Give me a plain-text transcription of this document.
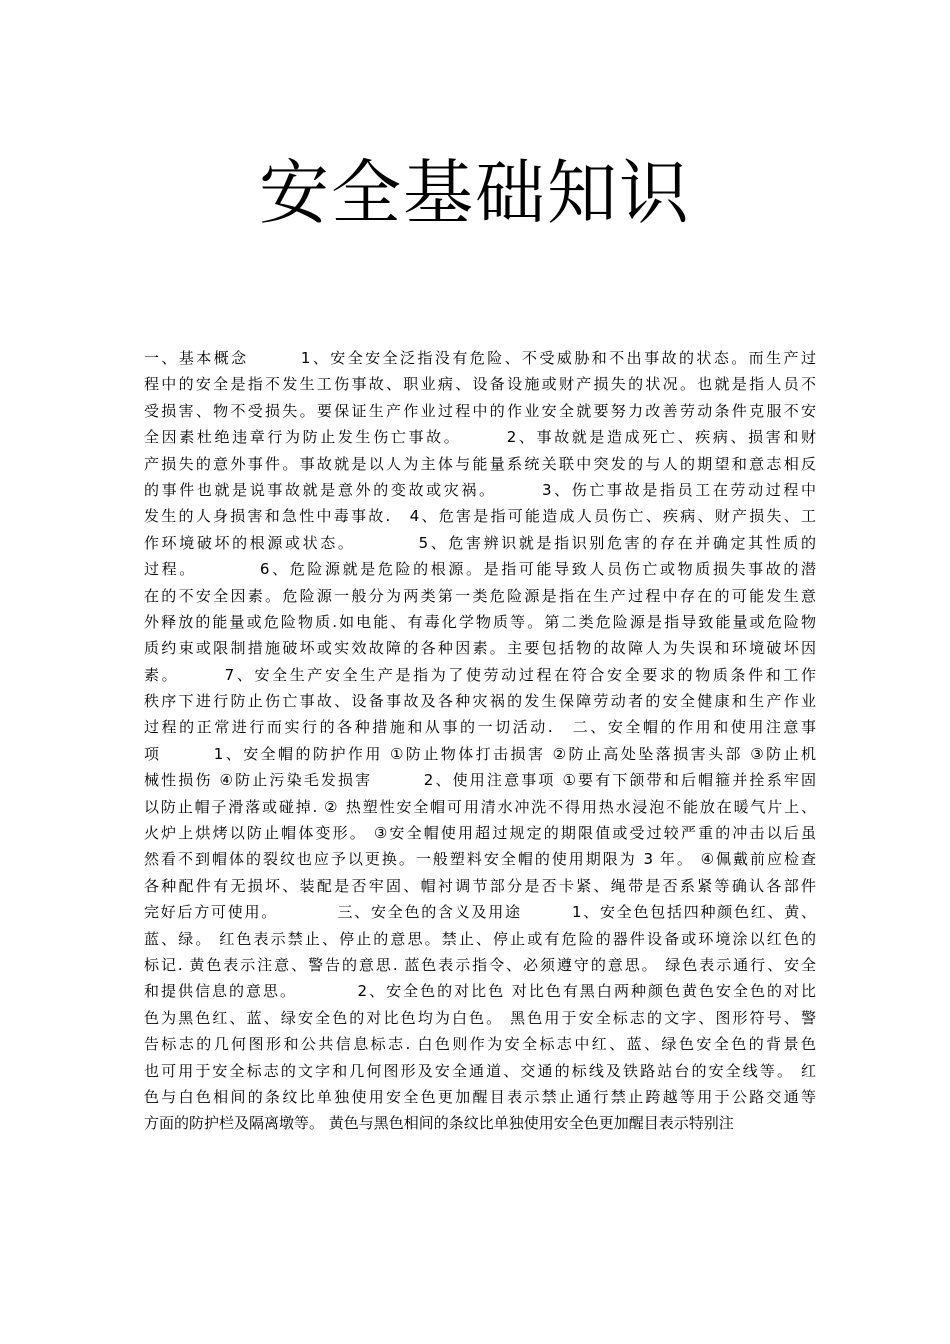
安全基础知识
一、基本概念　　　1、安全安全泛指没有危险、不受威胁和不出事故的状态。而生产过
程中的安全是指不发生工伤事故、职业病、设备设施或财产损失的状况。也就是指人员不
受损害、物不受损失。要保证生产作业过程中的作业安全就要努力改善劳动条件克服不安
全因素杜绝违章行为防止发生伤亡事故。　　　2、事故就是造成死亡、疾病、损害和财
产损失的意外事件。事故就是以人为主体与能量系统关联中突发的与人的期望和意志相反
的事件也就是说事故就是意外的变故或灾祸。　　　3、伤亡事故是指员工在劳动过程中
发生的人身损害和急性中毒事故.　4、危害是指可能造成人员伤亡、疾病、财产损失、工
作环境破坏的根源或状态。　　　　5、危害辨识就是指识别危害的存在并确定其性质的
过程。　　　　6、危险源就是危险的根源。是指可能导致人员伤亡或物质损失事故的潜
在的不安全因素。危险源一般分为两类第一类危险源是指在生产过程中存在的可能发生意
外释放的能量或危险物质.如电能、有毒化学物质等。第二类危险源是指导致能量或危险物
质约束或限制措施破坏或实效故障的各种因素。主要包括物的故障人为失误和环境破坏因
素。　　　7、安全生产安全生产是指为了使劳动过程在符合安全要求的物质条件和工作
秩序下进行防止伤亡事故、设备事故及各种灾祸的发生保障劳动者的安全健康和生产作业
过程的正常进行而实行的各种措施和从事的一切活动.　二、安全帽的作用和使用注意事
项　　　1、安全帽的防护作用 ①防止物体打击损害 ②防止高处坠落损害头部 ③防止机
械性损伤 ④防止污染毛发损害　　　2、使用注意事项 ①要有下颌带和后帽箍并拴系牢固
以防止帽子滑落或碰掉. ② 热塑性安全帽可用清水冲洗不得用热水浸泡不能放在暖气片上、
火炉上烘烤以防止帽体变形。 ③安全帽使用超过规定的期限值或受过较严重的冲击以后虽
然看不到帽体的裂纹也应予以更换。一般塑料安全帽的使用期限为 3 年。 ④佩戴前应检查
各种配件有无损坏、装配是否牢固、帽衬调节部分是否卡紧、绳带是否系紧等确认各部件
完好后方可使用。　　　　三、安全色的含义及用途　　　1、安全色包括四种颜色红、黄、
蓝、绿。 红色表示禁止、停止的意思。禁止、停止或有危险的器件设备或环境涂以红色的
标记. 黄色表示注意、警告的意思. 蓝色表示指令、必须遵守的意思。 绿色表示通行、安全
和提供信息的意思。　　　　2、安全色的对比色 对比色有黑白两种颜色黄色安全色的对比
色为黑色红、蓝、绿安全色的对比色均为白色。 黑色用于安全标志的文字、图形符号、警
告标志的几何图形和公共信息标志. 白色则作为安全标志中红、蓝、绿色安全色的背景色
也可用于安全标志的文字和几何图形及安全通道、交通的标线及铁路站台的安全线等。 红
色与白色相间的条纹比单独使用安全色更加醒目表示禁止通行禁止跨越等用于公路交通等
方面的防护栏及隔离墩等。 黄色与黑色相间的条纹比单独使用安全色更加醒目表示特别注
